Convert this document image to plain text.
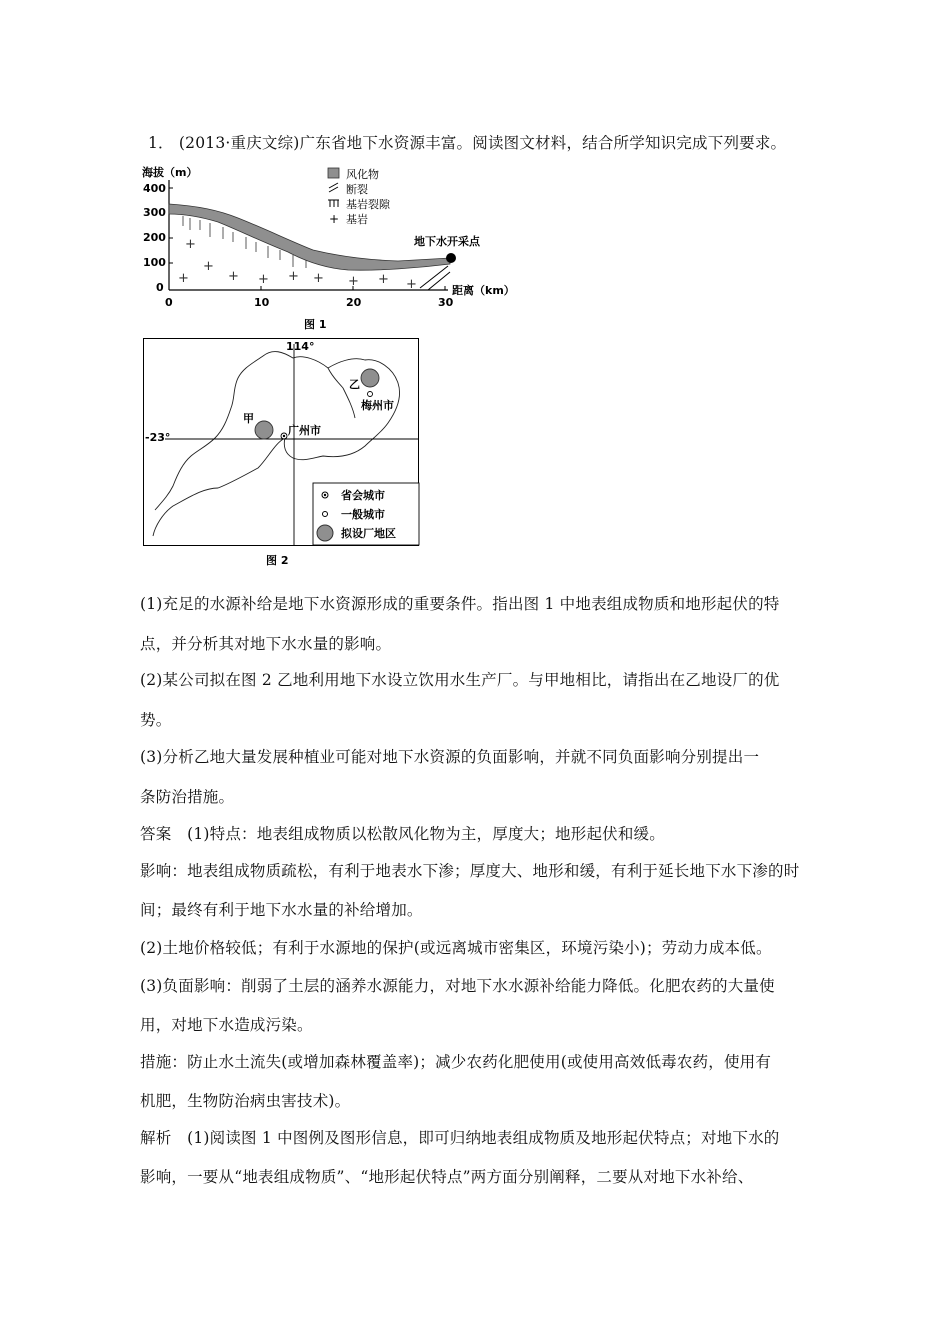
1． (2013·重庆文综)广东省地下水资源丰富。阅读图文材料，结合所学知识完成下列要求。
海拔（m）
400
300
200
100
0
0	10	20	30
距离（km）
+
+
+
+	+ + + + + +
地下水开采点
风化物
断裂
基岩裂隙
+ 基岩
图 1
114°
-23°
乙
梅州市
甲
广州市
省会城市
一般城市
拟设厂地区
图 2
(1)充足的水源补给是地下水资源形成的重要条件。指出图 1 中地表组成物质和地形起伏的特
点，并分析其对地下水水量的影响。
(2)某公司拟在图 2 乙地利用地下水设立饮用水生产厂。与甲地相比，请指出在乙地设厂的优
势。
(3)分析乙地大量发展种植业可能对地下水资源的负面影响，并就不同负面影响分别提出一
条防治措施。
答案　(1)特点：地表组成物质以松散风化物为主，厚度大；地形起伏和缓。
影响：地表组成物质疏松，有利于地表水下渗；厚度大、地形和缓，有利于延长地下水下渗的时
间；最终有利于地下水水量的补给增加。
(2)土地价格较低；有利于水源地的保护(或远离城市密集区，环境污染小)；劳动力成本低。
(3)负面影响：削弱了土层的涵养水源能力，对地下水水源补给能力降低。化肥农药的大量使
用，对地下水造成污染。
措施：防止水土流失(或增加森林覆盖率)；减少农药化肥使用(或使用高效低毒农药，使用有
机肥，生物防治病虫害技术)。
解析　(1)阅读图 1 中图例及图形信息，即可归纳地表组成物质及地形起伏特点；对地下水的
影响，一要从“地表组成物质”、“地形起伏特点”两方面分别阐释，二要从对地下水补给、
